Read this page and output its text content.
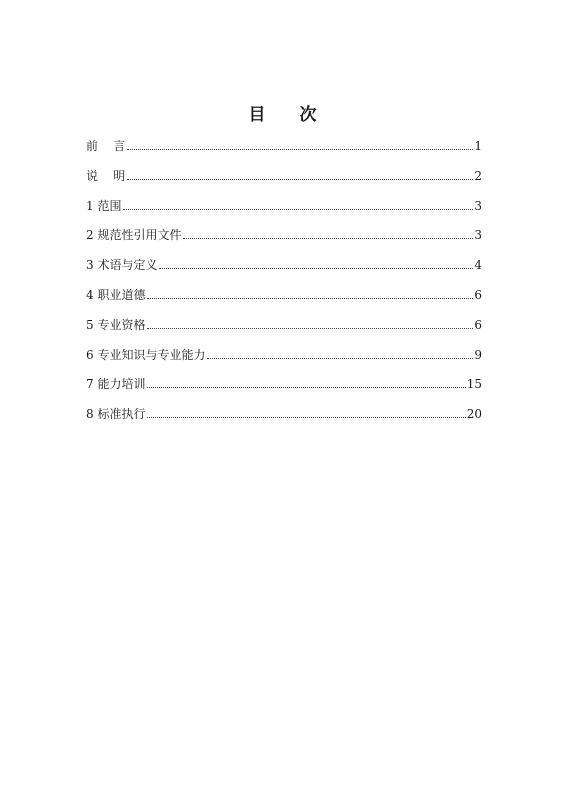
目 次
前    言	1
说    明	2
1 范围	3
2 规范性引用文件	3
3 术语与定义	4
4 职业道德	6
5 专业资格	6
6 专业知识与专业能力	9
7 能力培训	15
8 标准执行	20
